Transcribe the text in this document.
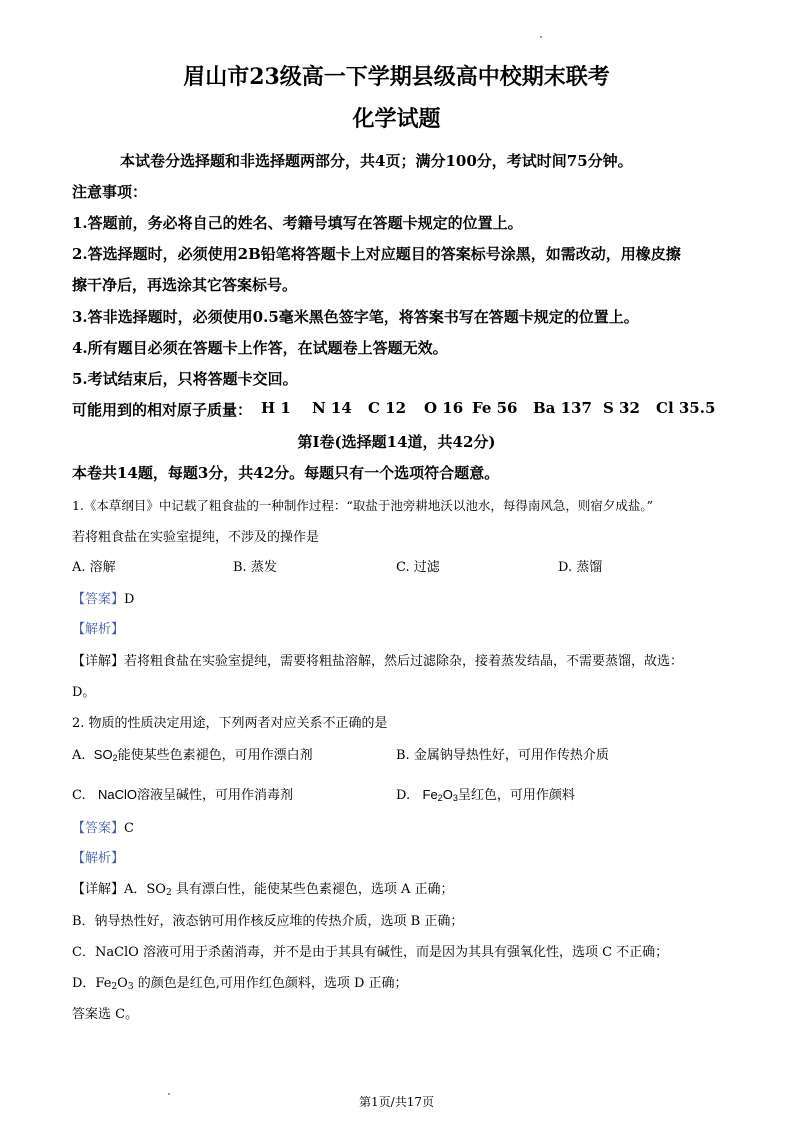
眉山市23级高一下学期县级高中校期末联考
化学试题
本试卷分选择题和非选择题两部分，共4页；满分100分，考试时间75分钟。
注意事项：
1.答题前，务必将自己的姓名、考籍号填写在答题卡规定的位置上。
2.答选择题时，必须使用2B铅笔将答题卡上对应题目的答案标号涂黑，如需改动，用橡皮擦
擦干净后，再选涂其它答案标号。
3.答非选择题时，必须使用0.5毫米黑色签字笔，将答案书写在答题卡规定的位置上。
4.所有题目必须在答题卡上作答，在试题卷上答题无效。
5.考试结束后，只将答题卡交回。
可能用到的相对原子质量： H 1 N 14 C 12 O 16 Fe 56 Ba 137 S 32 Cl 35.5
第Ⅰ卷(选择题14道，共42分)
本卷共14题，每题3分，共42分。每题只有一个选项符合题意。
1.《本草纲目》中记载了粗食盐的一种制作过程：“取盐于池旁耕地沃以池水，每得南风急，则宿夕成盐。”
若将粗食盐在实验室提纯，不涉及的操作是
A. 溶解	B. 蒸发	C. 过滤	D. 蒸馏
【答案】D
【解析】
【详解】若将粗食盐在实验室提纯，需要将粗盐溶解，然后过滤除杂，接着蒸发结晶，不需要蒸馏，故选：
D。
2. 物质的性质决定用途，下列两者对应关系不正确的是
A. $SO_2$能使某些色素褪色，可用作漂白剂	B. 金属钠导热性好，可用作传热介质
C. NaClO溶液呈碱性，可用作消毒剂	D. $Fe_2O_3$呈红色，可用作颜料
【答案】C
【解析】
【详解】A．$SO_2$ 具有漂白性，能使某些色素褪色，选项 A 正确；
B．钠导热性好，液态钠可用作核反应堆的传热介质，选项 B 正确；
C．NaClO 溶液可用于杀菌消毒，并不是由于其具有碱性，而是因为其具有强氧化性，选项 C 不正确；
D．$Fe_2O_3$ 的颜色是红色,可用作红色颜料，选项 D 正确；
答案选 C。
第1页/共17页
